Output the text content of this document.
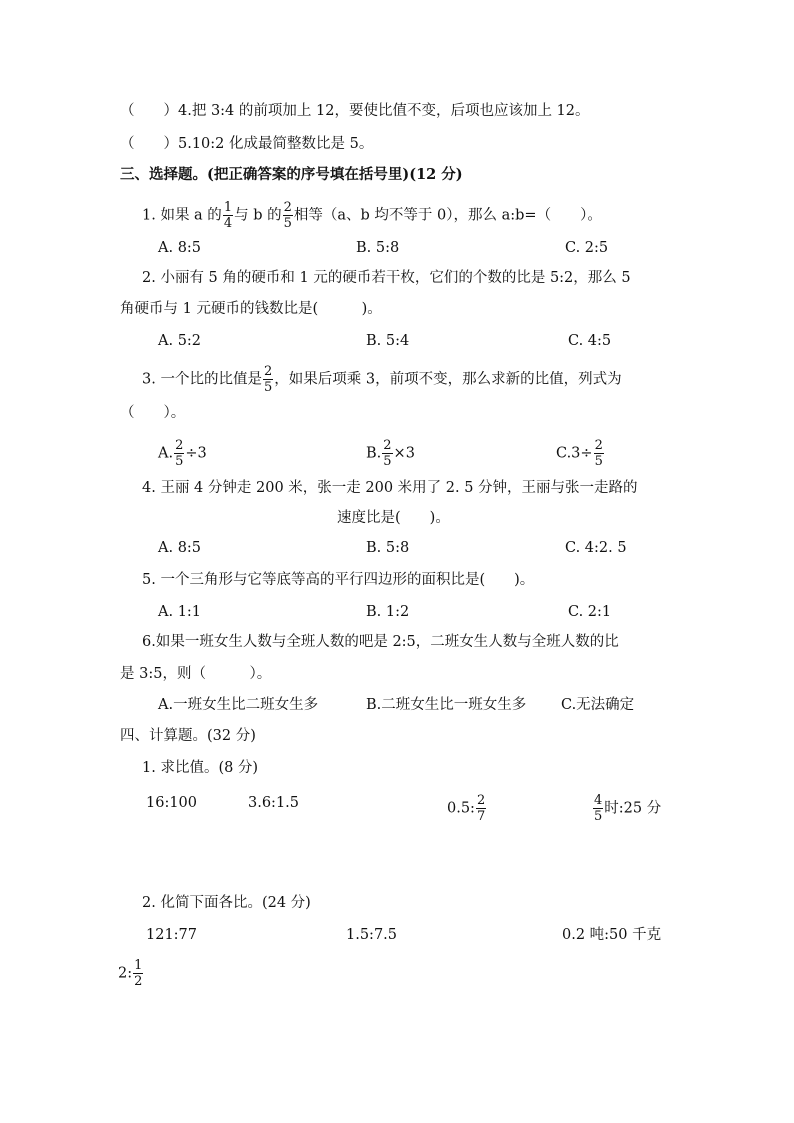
（　　）4.把 3:4 的前项加上 12，要使比值不变，后项也应该加上 12。
（　　）5.10:2 化成最简整数比是 5。
三、选择题。(把正确答案的序号填在括号里)(12 分)
1. 如果 a 的 $\frac{1}{4}$ 与 b 的 $\frac{2}{5}$ 相等（a、b 均不等于 0），那么 a:b=（　　）。
A. 8:5	B. 5:8	C. 2:5
2. 小丽有 5 角的硬币和 1 元的硬币若干枚，它们的个数的比是 5:2，那么 5
角硬币与 1 元硬币的钱数比是(　　　)。
A. 5:2	B. 5:4	C. 4:5
3. 一个比的比值是 $\frac{2}{5}$ ，如果后项乘 3，前项不变，那么求新的比值，列式为
（　　）。
A. $\frac{2}{5} \div 3$	B. $\frac{2}{5} \times 3$	$C.3\div \frac{2}{5}$
4. 王丽 4 分钟走 200 米，张一走 200 米用了 2. 5 分钟，王丽与张一走路的
速度比是(　　)。
A. 8:5	B. 5:8	C. 4:2. 5
5. 一个三角形与它等底等高的平行四边形的面积比是(　　)。
A. 1:1	B. 1:2	C. 2:1
6.如果一班女生人数与全班人数的吧是 2:5，二班女生人数与全班人数的比
是 3:5，则（　　　）。
A.一班女生比二班女生多	B.二班女生比一班女生多 C.无法确定
四、计算题。(32 分)
1. 求比值。(8 分)
16:100	3.6:1.5	0.5: $\frac{2}{7}$	$\frac{4}{5}$ 时:25 分
2. 化简下面各比。(24 分)
121:77	1.5:7.5	0.2 吨:50 千克
2: $\frac{1}{2}$
